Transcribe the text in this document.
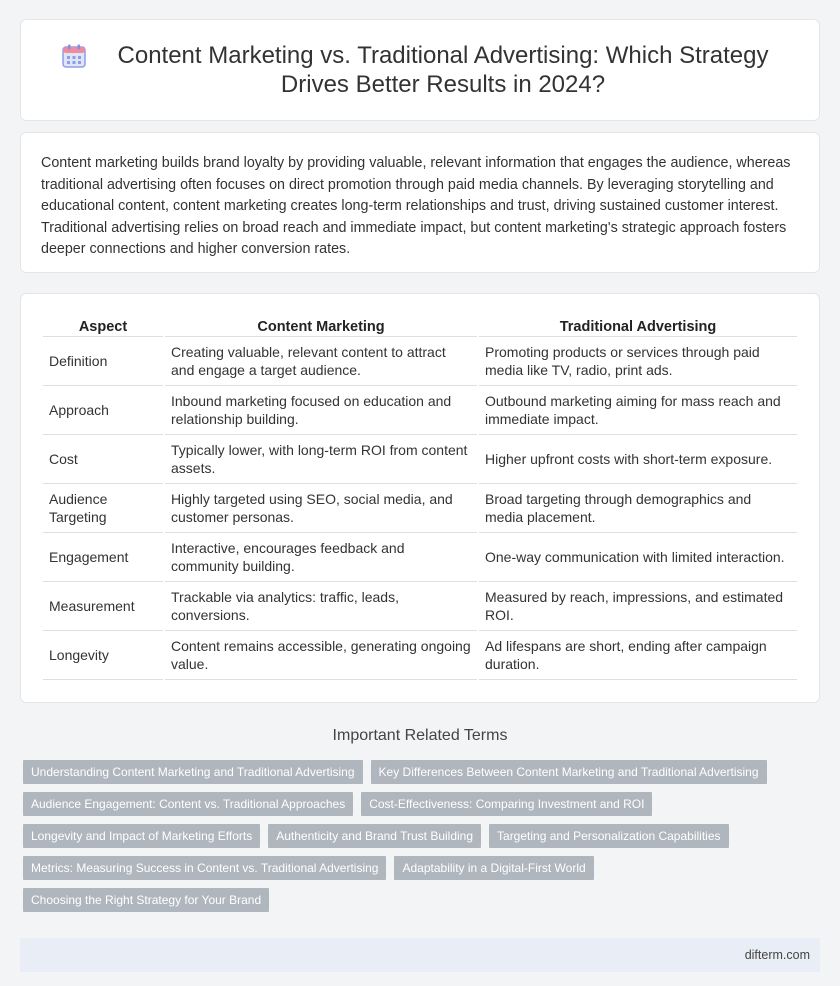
Content Marketing vs. Traditional Advertising: Which Strategy Drives Better Results in 2024?

Content marketing builds brand loyalty by providing valuable, relevant information that engages the audience, whereas traditional advertising often focuses on direct promotion through paid media channels. By leveraging storytelling and educational content, content marketing creates long-term relationships and trust, driving sustained customer interest. Traditional advertising relies on broad reach and immediate impact, but content marketing's strategic approach fosters deeper connections and higher conversion rates.

Aspect	Content Marketing	Traditional Advertising
Definition	Creating valuable, relevant content to attract and engage a target audience.	Promoting products or services through paid media like TV, radio, print ads.
Approach	Inbound marketing focused on education and relationship building.	Outbound marketing aiming for mass reach and immediate impact.
Cost	Typically lower, with long-term ROI from content assets.	Higher upfront costs with short-term exposure.
Audience Targeting	Highly targeted using SEO, social media, and customer personas.	Broad targeting through demographics and media placement.
Engagement	Interactive, encourages feedback and community building.	One-way communication with limited interaction.
Measurement	Trackable via analytics: traffic, leads, conversions.	Measured by reach, impressions, and estimated ROI.
Longevity	Content remains accessible, generating ongoing value.	Ad lifespans are short, ending after campaign duration.
Important Related Terms
Understanding Content Marketing and Traditional Advertising	Key Differences Between Content Marketing and Traditional Advertising
Audience Engagement: Content vs. Traditional Approaches	Cost-Effectiveness: Comparing Investment and ROI
Longevity and Impact of Marketing Efforts	Authenticity and Brand Trust Building	Targeting and Personalization Capabilities
Metrics: Measuring Success in Content vs. Traditional Advertising	Adaptability in a Digital-First World
Choosing the Right Strategy for Your Brand
difterm.com
